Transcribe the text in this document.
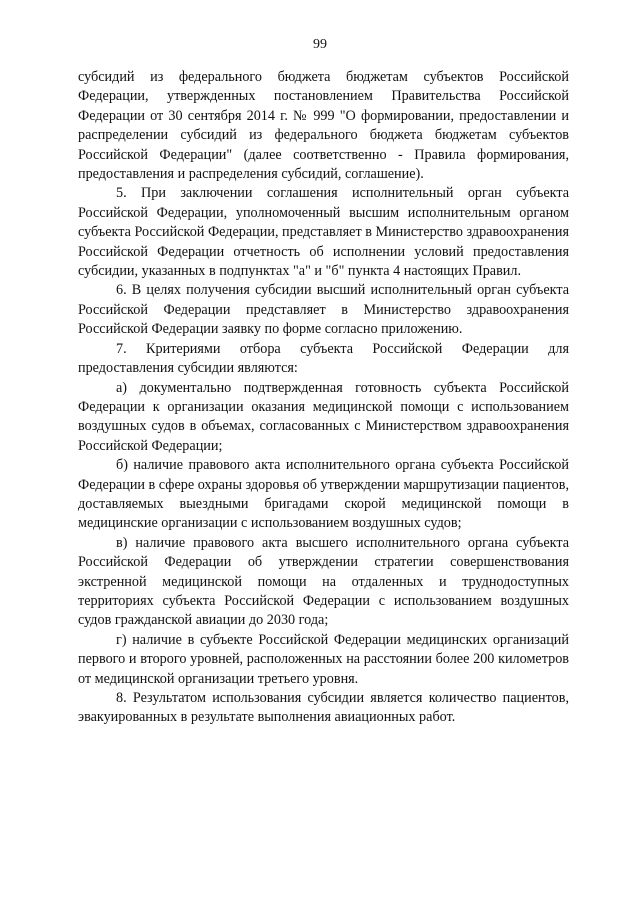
99

субсидий из федерального бюджета бюджетам субъектов Российской Федерации, утвержденных постановлением Правительства Российской Федерации от 30 сентября 2014 г. № 999 "О формировании, предоставлении и распределении субсидий из федерального бюджета бюджетам субъектов Российской Федерации" (далее соответственно - Правила формирования, предоставления и распределения субсидий, соглашение).

5. При заключении соглашения исполнительный орган субъекта Российской Федерации, уполномоченный высшим исполнительным органом субъекта Российской Федерации, представляет в Министерство здравоохранения Российской Федерации отчетность об исполнении условий предоставления субсидии, указанных в подпунктах "а" и "б" пункта 4 настоящих Правил.

6. В целях получения субсидии высший исполнительный орган субъекта Российской Федерации представляет в Министерство здравоохранения Российской Федерации заявку по форме согласно приложению.

7. Критериями отбора субъекта Российской Федерации для предоставления субсидии являются:

а) документально подтвержденная готовность субъекта Российской Федерации к организации оказания медицинской помощи с использованием воздушных судов в объемах, согласованных с Министерством здравоохранения Российской Федерации;

б) наличие правового акта исполнительного органа субъекта Российской Федерации в сфере охраны здоровья об утверждении маршрутизации пациентов, доставляемых выездными бригадами скорой медицинской помощи в медицинские организации с использованием воздушных судов;

в) наличие правового акта высшего исполнительного органа субъекта Российской Федерации об утверждении стратегии совершенствования экстренной медицинской помощи на отдаленных и труднодоступных территориях субъекта Российской Федерации с использованием воздушных судов гражданской авиации до 2030 года;

г) наличие в субъекте Российской Федерации медицинских организаций первого и второго уровней, расположенных на расстоянии более 200 километров от медицинской организации третьего уровня.

8. Результатом использования субсидии является количество пациентов, эвакуированных в результате выполнения авиационных работ.
